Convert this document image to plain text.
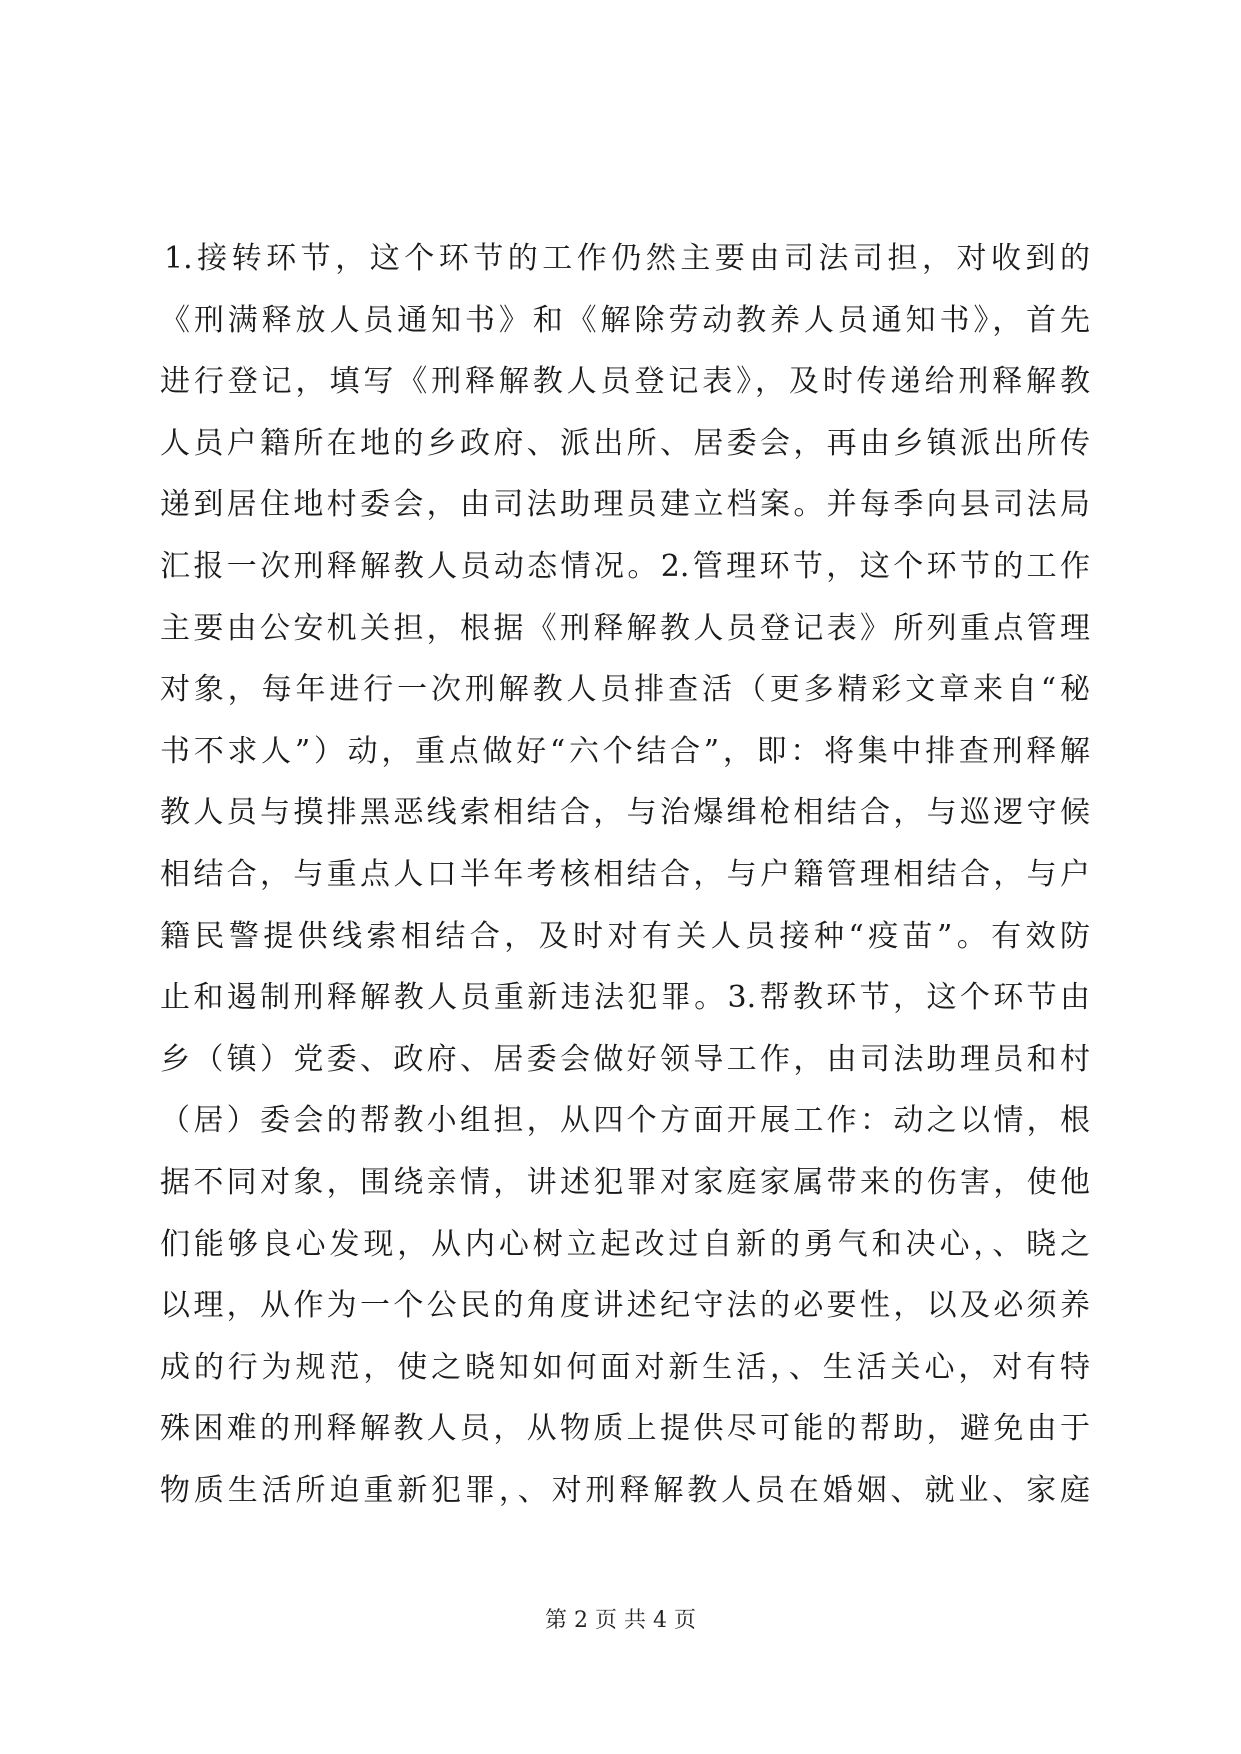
1.接转环节，这个环节的工作仍然主要由司法司担，对收到的
《刑满释放人员通知书》和《解除劳动教养人员通知书》，首先
进行登记，填写《刑释解教人员登记表》，及时传递给刑释解教
人员户籍所在地的乡政府、派出所、居委会，再由乡镇派出所传
递到居住地村委会，由司法助理员建立档案。并每季向县司法局
汇报一次刑释解教人员动态情况。2.管理环节，这个环节的工作
主要由公安机关担，根据《刑释解教人员登记表》所列重点管理
对象，每年进行一次刑解教人员排查活（更多精彩文章来自“秘
书不求人”）动，重点做好“六个结合”，即：将集中排查刑释解
教人员与摸排黑恶线索相结合，与治爆缉枪相结合，与巡逻守候
相结合，与重点人口半年考核相结合，与户籍管理相结合，与户
籍民警提供线索相结合，及时对有关人员接种“疫苗”。有效防
止和遏制刑释解教人员重新违法犯罪。3.帮教环节，这个环节由
乡（镇）党委、政府、居委会做好领导工作，由司法助理员和村
（居）委会的帮教小组担，从四个方面开展工作：动之以情，根
据不同对象，围绕亲情，讲述犯罪对家庭家属带来的伤害，使他
们能够良心发现，从内心树立起改过自新的勇气和决心，、晓之
以理，从作为一个公民的角度讲述纪守法的必要性，以及必须养
成的行为规范，使之晓知如何面对新生活，、生活关心，对有特
殊困难的刑释解教人员，从物质上提供尽可能的帮助，避免由于
物质生活所迫重新犯罪，、对刑释解教人员在婚姻、就业、家庭
第 2 页 共 4 页
